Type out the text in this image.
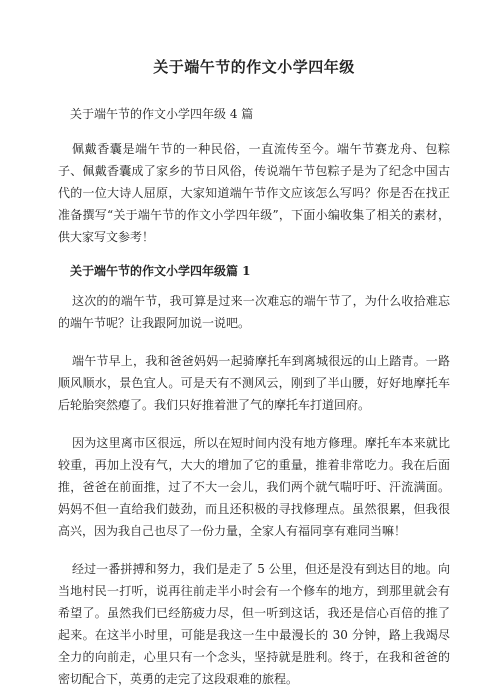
关于端午节的作文小学四年级
关于端午节的作文小学四年级 4 篇

佩戴香囊是端午节的一种民俗，一直流传至今。端午节赛龙舟、包粽子、佩戴香囊成了家乡的节日风俗，传说端午节包粽子是为了纪念中国古代的一位大诗人屈原，大家知道端午节作文应该怎么写吗？你是否在找正准备撰写“关于端午节的作文小学四年级”，下面小编收集了相关的素材，供大家写文参考！

关于端午节的作文小学四年级篇 1

这次的的端午节，我可算是过来一次难忘的端午节了，为什么收拾难忘的端午节呢？让我跟阿加说一说吧。

端午节早上，我和爸爸妈妈一起骑摩托车到离城很远的山上踏青。一路顺风顺水，景色宜人。可是天有不测风云，刚到了半山腰，好好地摩托车后轮胎突然瘪了。我们只好推着泄了气的摩托车打道回府。

因为这里离市区很远，所以在短时间内没有地方修理。摩托车本来就比较重，再加上没有气，大大的增加了它的重量，推着非常吃力。我在后面推，爸爸在前面推，过了不大一会儿，我们两个就气喘吁吁、汗流满面。妈妈不但一直给我们鼓劲，而且还积极的寻找修理点。虽然很累，但我很高兴，因为我自己也尽了一份力量，全家人有福同享有难同当嘛！

经过一番拼搏和努力，我们是走了 5 公里，但还是没有到达目的地。向当地村民一打听，说再往前走半小时会有一个修车的地方，到那里就会有希望了。虽然我们已经筋疲力尽，但一听到这话，我还是信心百倍的推了起来。在这半小时里，可能是我这一生中最漫长的 30 分钟，路上我竭尽全力的向前走，心里只有一个念头，坚持就是胜利。终于，在我和爸爸的密切配合下，英勇的走完了这段艰难的旅程。
